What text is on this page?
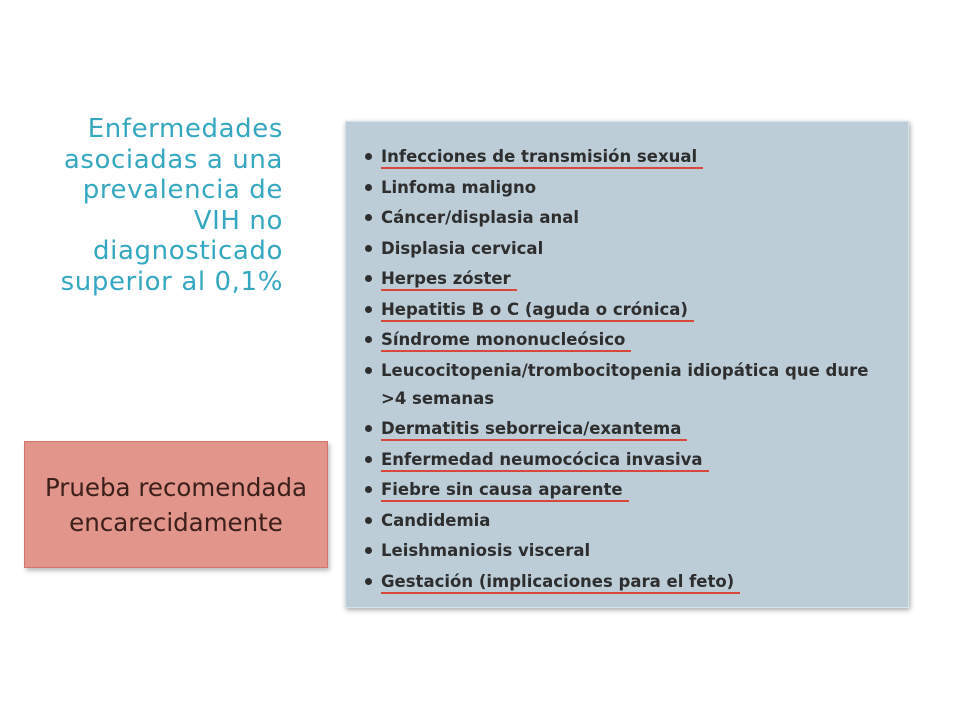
Enfermedades asociadas a una prevalencia de VIH no diagnosticado superior al 0,1%

Prueba recomendada encarecidamente

Infecciones de transmisión sexual
Linfoma maligno
Cáncer/displasia anal
Displasia cervical
Herpes zóster
Hepatitis B o C (aguda o crónica)
Síndrome mononucleósico
Leucocitopenia/trombocitopenia idiopática que dure >4 semanas
Dermatitis seborreica/exantema
Enfermedad neumocócica invasiva
Fiebre sin causa aparente
Candidemia
Leishmaniosis visceral
Gestación (implicaciones para el feto)
